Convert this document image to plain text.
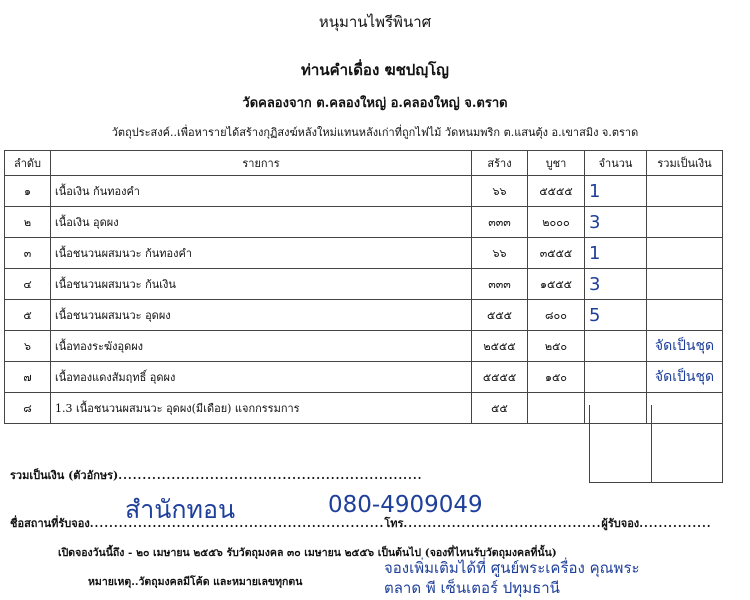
หนุมานไพรีพินาศ
ท่านคำเดื่อง ฆชปญฺโญ
วัดคลองจาก ต.คลองใหญ่ อ.คลองใหญ่ จ.ตราด
วัตถุประสงค์..เพื่อหารายได้สร้างกุฏิสงฆ์หลังใหม่แทนหลังเก่าที่ถูกไฟไม้ วัดหนมพริก ต.แสนตุ้ง อ.เขาสมิง จ.ตราด
ลำดับ	รายการ	สร้าง	บูชา	จำนวน	รวมเป็นเงิน
๑	เนื้อเงิน ก้นทองคำ	๖๖	๕๕๕๕	1	
๒	เนื้อเงิน อุดผง	๓๓๓	๒๐๐๐	3	
๓	เนื้อชนวนผสมนวะ ก้นทองคำ	๖๖	๓๕๕๕	1	
๔	เนื้อชนวนผสมนวะ ก้นเงิน	๓๓๓	๑๕๕๕	3	
๕	เนื้อชนวนผสมนวะ อุดผง	๕๕๕	๘๐๐	5	
๖	เนื้อทองระฆังอุดผง	๒๕๕๕	๒๕๐		จัดเป็นชุด
๗	เนื้อทองแดงสัมฤทธิ์ อุดผง	๕๕๕๕	๑๕๐		จัดเป็นชุด
๘	1.3 เนื้อชนวนผสมนวะ อุดผง(มีเดือย) แจกกรรมการ	๕๕			
รวมเป็นเงิน (ตัวอักษร)...............................................................
ชื่อสถานที่รับจอง.............................................................โทร.........................................ผู้รับจอง...............
สำนักทอน	080-4909049
เปิดจองวันนี้ถึง - ๒๐ เมษายน ๒๕๕๖ รับวัตถุมงคล ๓๐ เมษายน ๒๕๕๖ เป็นต้นไป (จองที่ไหนรับวัตถุมงคลที่นั้น)
หมายเหตุ..วัตถุมงคลมีโค้ด และหมายเลขทุกตน
จองเพิ่มเติมได้ที่ ศูนย์พระเครื่อง คุณพระ
ตลาด พี เซ็นเตอร์ ปทุมธานี
